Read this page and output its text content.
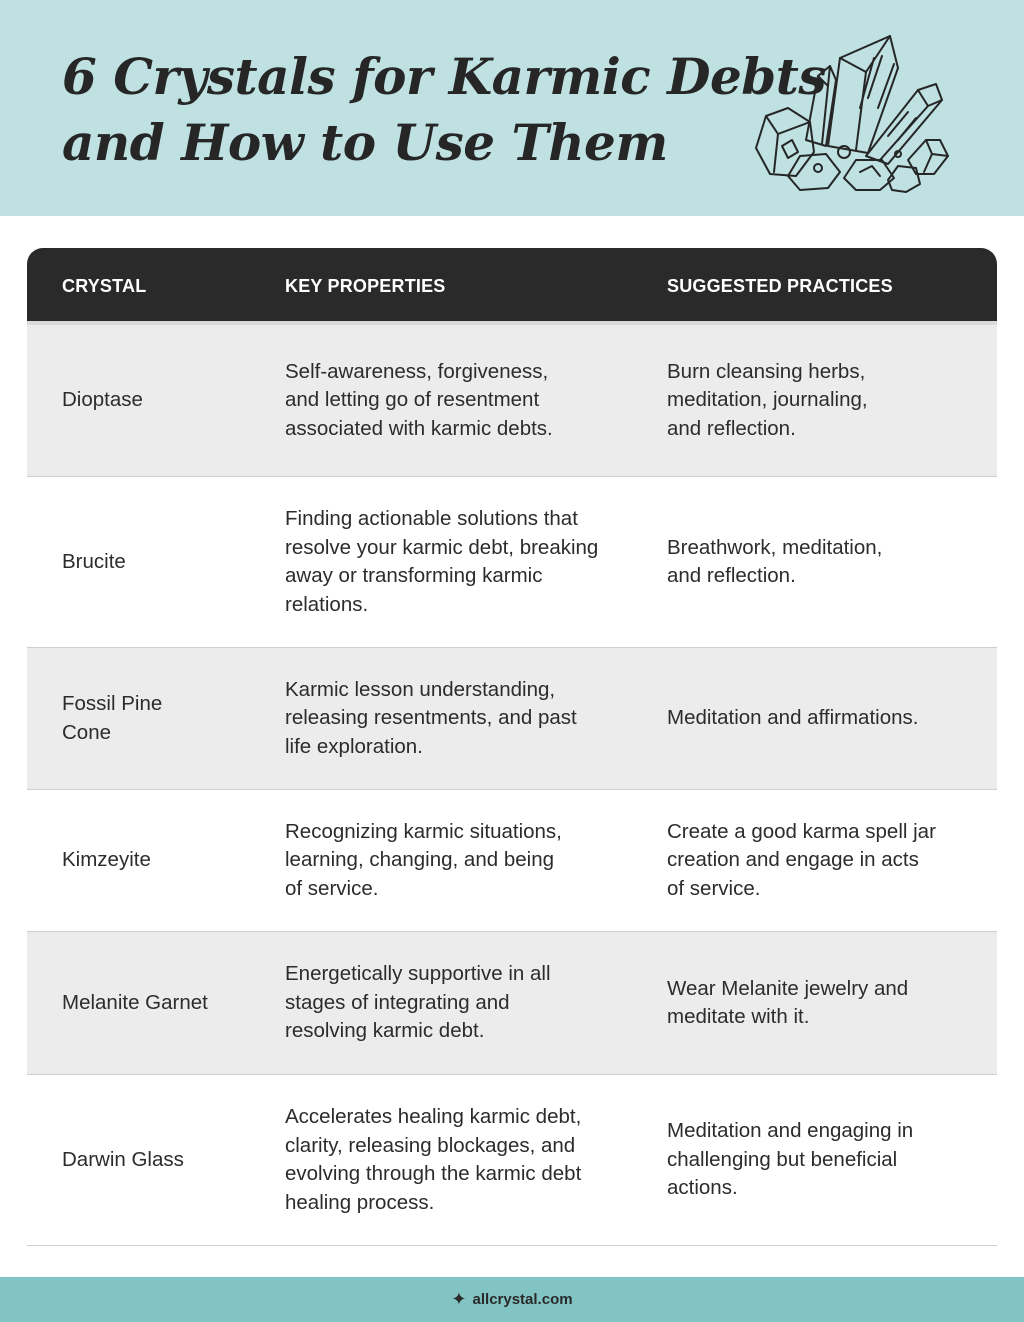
6 Crystals for Karmic Debts
and How to Use Them
CRYSTAL	KEY PROPERTIES	SUGGESTED PRACTICES
Dioptase
Self-awareness, forgiveness,
and letting go of resentment
associated with karmic debts.
Burn cleansing herbs,
meditation, journaling,
and reflection.
Brucite
Finding actionable solutions that
resolve your karmic debt, breaking
away or transforming karmic
relations.
Breathwork, meditation,
and reflection.
Fossil Pine
Cone
Karmic lesson understanding,
releasing resentments, and past
life exploration.
Meditation and affirmations.
Kimzeyite
Recognizing karmic situations,
learning, changing, and being
of service.
Create a good karma spell jar
creation and engage in acts
of service.
Melanite Garnet
Energetically supportive in all
stages of integrating and
resolving karmic debt.
Wear Melanite jewelry and
meditate with it.
Darwin Glass
Accelerates healing karmic debt,
clarity, releasing blockages, and
evolving through the karmic debt
healing process.
Meditation and engaging in
challenging but beneficial
actions.
✦ allcrystal.com
